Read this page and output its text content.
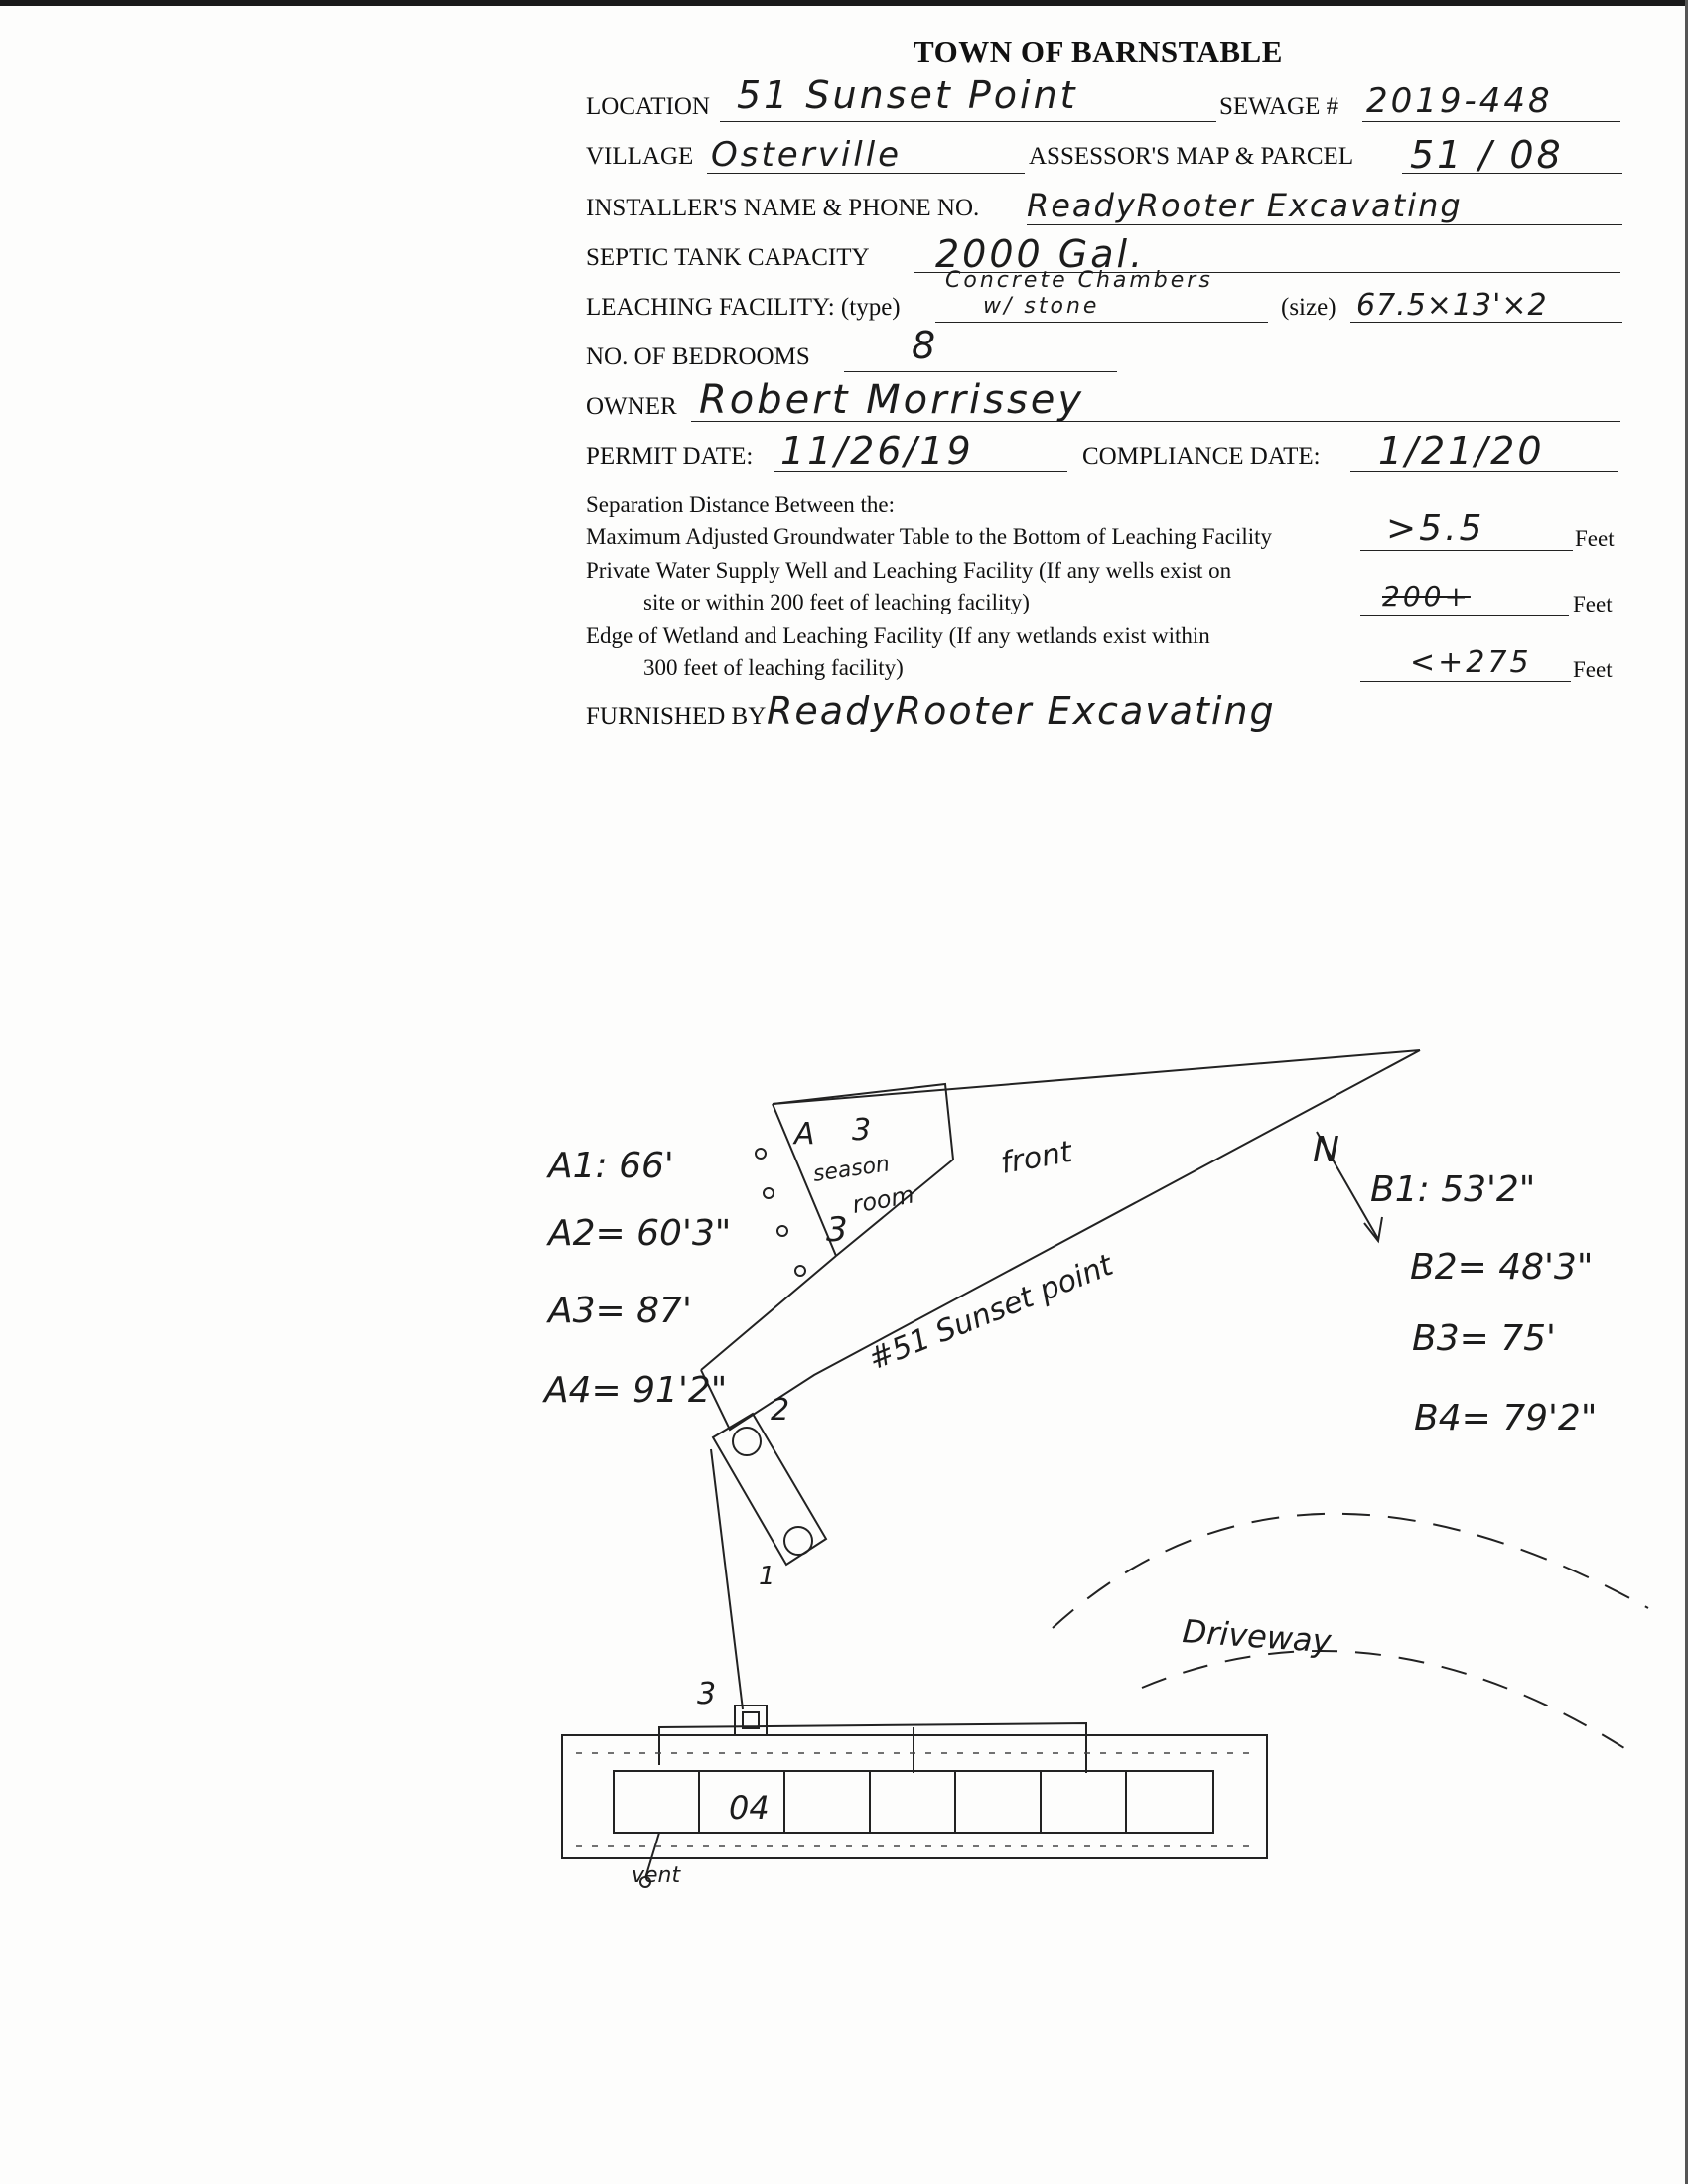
TOWN OF BARNSTABLE
LOCATION 51 Sunset Point	SEWAGE # 2019-448
VILLAGE Osterville	ASSESSOR'S MAP & PARCEL 51 / 08
INSTALLER'S NAME & PHONE NO. ReadyRooter Excavating
SEPTIC TANK CAPACITY 2000 Gal.
LEACHING FACILITY: (type)
Concrete Chambers
w/ stone	(size) 67.5×13'×2
NO. OF BEDROOMS	8
OWNER Robert Morrissey
PERMIT DATE: 11/26/19	COMPLIANCE DATE: 1/21/20
Separation Distance Between the:
Maximum Adjusted Groundwater Table to the Bottom of Leaching Facility	>5.5	Feet
Private Water Supply Well and Leaching Facility (If any wells exist on
site or within 200 feet of leaching facility)	200+	Feet
Edge of Wetland and Leaching Facility (If any wetlands exist within
300 feet of leaching facility)	<+275 Feet
FURNISHED BY ReadyRooter Excavating
A1: 66'
A2= 60'3"
A3= 87'
A4= 91'2"
B1: 53'2"
B2= 48'3"
B3= 75'
B4= 79'2"
A 3
3
season
room
front
#51 Sunset point
N
2
1
3
04
vent
Driveway
